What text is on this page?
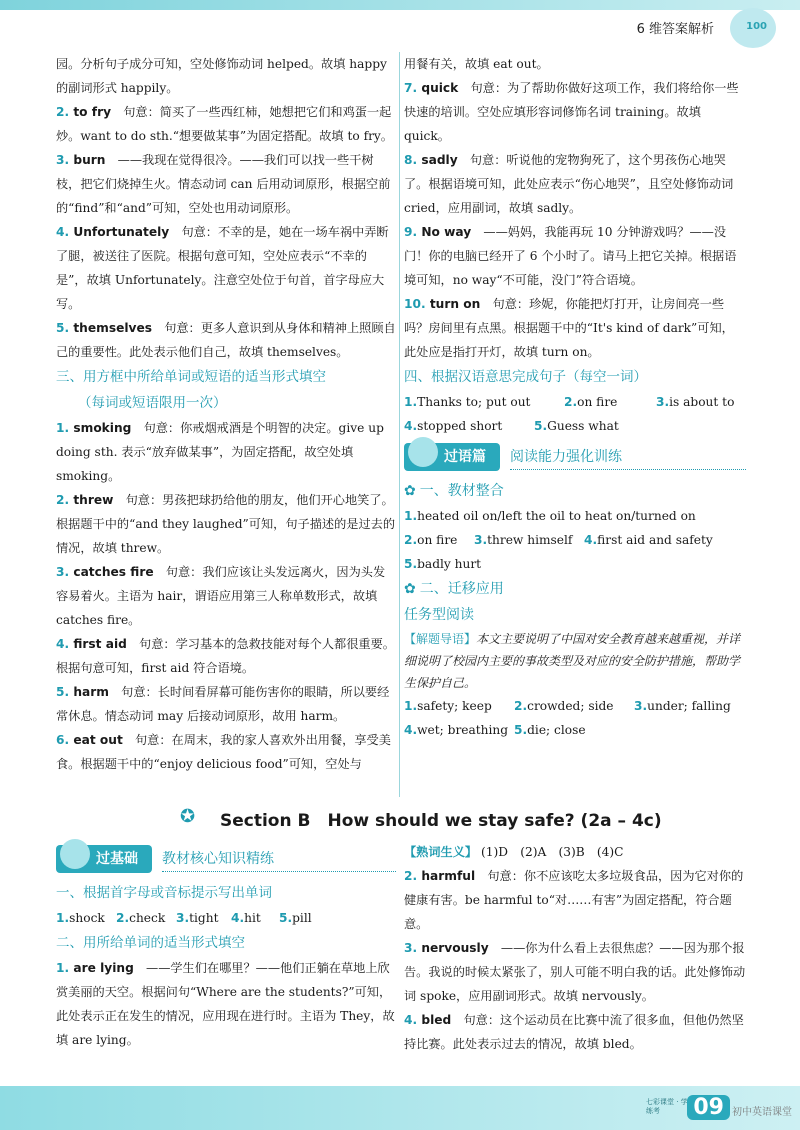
6 维答案解析	100

园。分析句子成分可知，空处修饰动词 helped。故填 happy 的副词形式 happily。

2. to fry　 句意：简买了一些西红柿，她想把它们和鸡蛋一起炒。want to do sth.“想要做某事”为固定搭配。故填 to fry。

3. burn　 ——我现在觉得很冷。——我们可以找一些干树枝，把它们烧掉生火。情态动词 can 后用动词原形，根据空前的“find”和“and”可知，空处也用动词原形。

4. Unfortunately　 句意：不幸的是，她在一场车祸中弄断了腿，被送往了医院。根据句意可知，空处应表示“不幸的是”，故填 Unfortunately。注意空处位于句首，首字母应大写。

5. themselves　 句意：更多人意识到从身体和精神上照顾自己的重要性。此处表示他们自己，故填 themselves。

三、用方框中所给单词或短语的适当形式填空

（每词或短语限用一次）

1. smoking　 句意：你戒烟戒酒是个明智的决定。give up doing sth. 表示“放弃做某事”，为固定搭配，故空处填 smoking。

2. threw　 句意：男孩把球扔给他的朋友，他们开心地笑了。根据题干中的“and they laughed”可知，句子描述的是过去的情况，故填 threw。

3. catches fire　 句意：我们应该让头发远离火，因为头发容易着火。主语为 hair，谓语应用第三人称单数形式，故填 catches fire。

4. first aid　 句意：学习基本的急救技能对每个人都很重要。根据句意可知，first aid 符合语境。

5. harm　 句意：长时间看屏幕可能伤害你的眼睛，所以要经常休息。情态动词 may 后接动词原形，故用 harm。

6. eat out　 句意：在周末，我的家人喜欢外出用餐，享受美食。根据题干中的“enjoy delicious food”可知，空处与

用餐有关，故填 eat out。

7. quick　 句意：为了帮助你做好这项工作，我们将给你一些快速的培训。空处应填形容词修饰名词 training。故填 quick。

8. sadly　 句意：听说他的宠物狗死了，这个男孩伤心地哭了。根据语境可知，此处应表示“伤心地哭”，且空处修饰动词 cried，应用副词，故填 sadly。

9. No way　 ——妈妈，我能再玩 10 分钟游戏吗？——没门！你的电脑已经开了 6 个小时了。请马上把它关掉。根据语境可知，no way“不可能，没门”符合语境。

10. turn on　 句意：珍妮，你能把灯打开，让房间亮一些吗？房间里有点黑。根据题干中的“It's kind of dark”可知，此处应是指打开灯，故填 turn on。

四、根据汉语意思完成句子（每空一词）

1.Thanks to; put out	2.on fire	3.is about to
4.stopped short	5.Guess what
过语篇	阅读能力强化训练

✿ 一、教材整合

1.heated oil on/left the oil to heat on/turned on
2.on fire	3.threw himself 4.first aid and safety
5.badly hurt

✿ 二、迁移应用

任务型阅读

【解题导语】本文主要说明了中国对安全教育越来越重视，并详细说明了校园内主要的事故类型及对应的安全防护措施，帮助学生保护自己。

1.safety; keep	2.crowded; side	3.under; falling
4.wet; breathing 5.die; close
✪ Section B　How should we stay safe? (2a – 4c)
过基础	教材核心知识精练

一、根据首字母或音标提示写出单词

1.shock 2.check 3.tight	4.hit	5.pill

二、用所给单词的适当形式填空

1. are lying　 ——学生们在哪里？——他们正躺在草地上欣赏美丽的天空。根据问句“Where are the students?”可知，此处表示正在发生的情况，应用现在进行时。主语为 They，故填 are lying。

【熟词生义】 (1)D　(2)A　(3)B　(4)C

2. harmful　 句意：你不应该吃太多垃圾食品，因为它对你的健康有害。be harmful to“对……有害”为固定搭配，符合题意。

3. nervously　 ——你为什么看上去很焦虑？——因为那个报告。我说的时候太紧张了，别人可能不明白我的话。此处修饰动词 spoke，应用副词形式。故填 nervously。

4. bled　 句意：这个运动员在比赛中流了很多血，但他仍然坚持比赛。此处表示过去的情况，故填 bled。

七彩课堂 · 学练考	09 初中英语课堂
